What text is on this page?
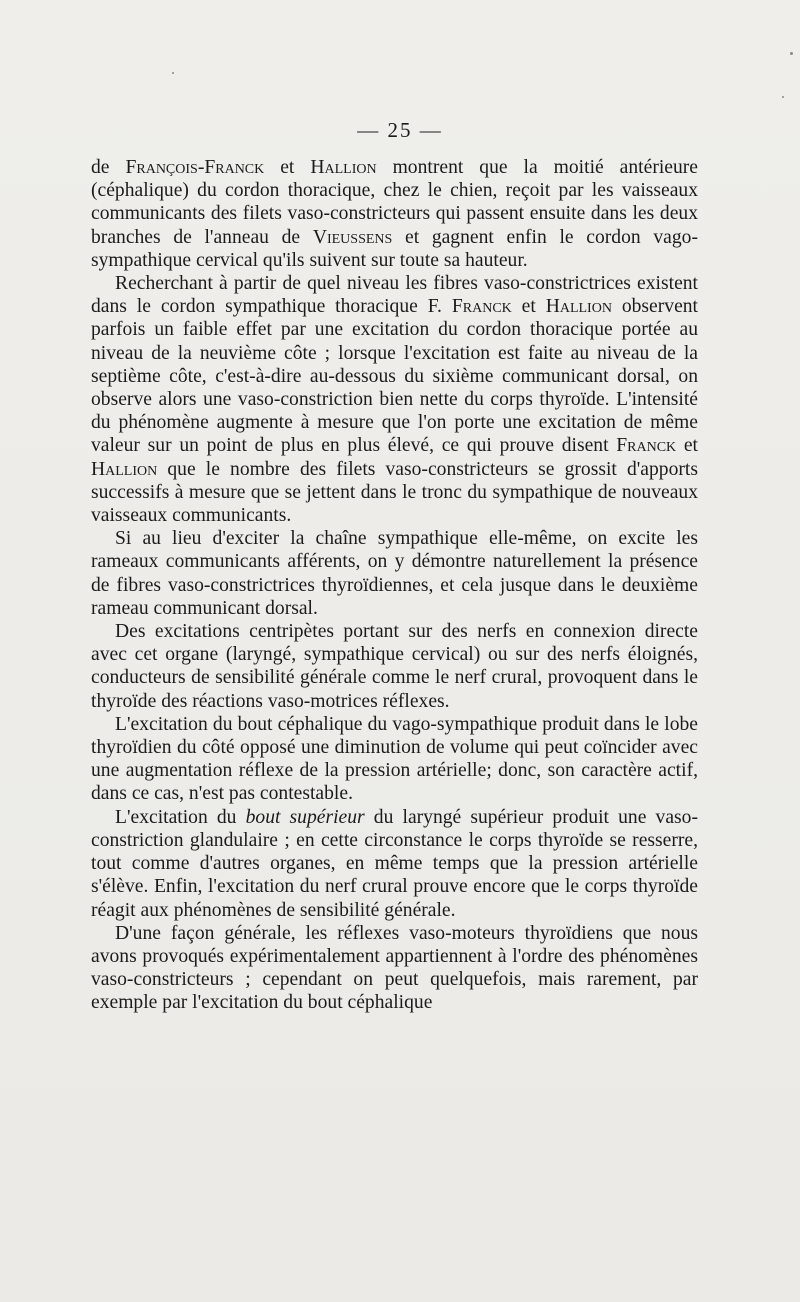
— 25 —

de François-Franck et Hallion montrent que la moitié antérieure (céphalique) du cordon thoracique, chez le chien, reçoit par les vaisseaux communicants des filets vaso-constricteurs qui passent ensuite dans les deux branches de l'anneau de Vieussens et gagnent enfin le cordon vago-sympathique cervical qu'ils suivent sur toute sa hauteur.

Recherchant à partir de quel niveau les fibres vaso-constrictrices existent dans le cordon sympathique thoracique F. Franck et Hallion observent parfois un faible effet par une excitation du cordon thoracique portée au niveau de la neuvième côte ; lorsque l'excitation est faite au niveau de la septième côte, c'est-à-dire au-dessous du sixième communicant dorsal, on observe alors une vaso-constriction bien nette du corps thyroïde. L'intensité du phénomène augmente à mesure que l'on porte une excitation de même valeur sur un point de plus en plus élevé, ce qui prouve disent Franck et Hallion que le nombre des filets vaso-constricteurs se grossit d'apports successifs à mesure que se jettent dans le tronc du sympathique de nouveaux vaisseaux communicants.

Si au lieu d'exciter la chaîne sympathique elle-même, on excite les rameaux communicants afférents, on y démontre naturellement la présence de fibres vaso-constrictrices thyroïdiennes, et cela jusque dans le deuxième rameau communicant dorsal.

Des excitations centripètes portant sur des nerfs en connexion directe avec cet organe (laryngé, sympathique cervical) ou sur des nerfs éloignés, conducteurs de sensibilité générale comme le nerf crural, provoquent dans le thyroïde des réactions vaso-motrices réflexes.

L'excitation du bout céphalique du vago-sympathique produit dans le lobe thyroïdien du côté opposé une diminution de volume qui peut coïncider avec une augmentation réflexe de la pression artérielle; donc, son caractère actif, dans ce cas, n'est pas contestable.

L'excitation du bout supérieur du laryngé supérieur produit une vaso-constriction glandulaire ; en cette circonstance le corps thyroïde se resserre, tout comme d'autres organes, en même temps que la pression artérielle s'élève. Enfin, l'excitation du nerf crural prouve encore que le corps thyroïde réagit aux phénomènes de sensibilité générale.

D'une façon générale, les réflexes vaso-moteurs thyroïdiens que nous avons provoqués expérimentalement appartiennent à l'ordre des phénomènes vaso-constricteurs ; cependant on peut quelquefois, mais rarement, par exemple par l'excitation du bout céphalique
